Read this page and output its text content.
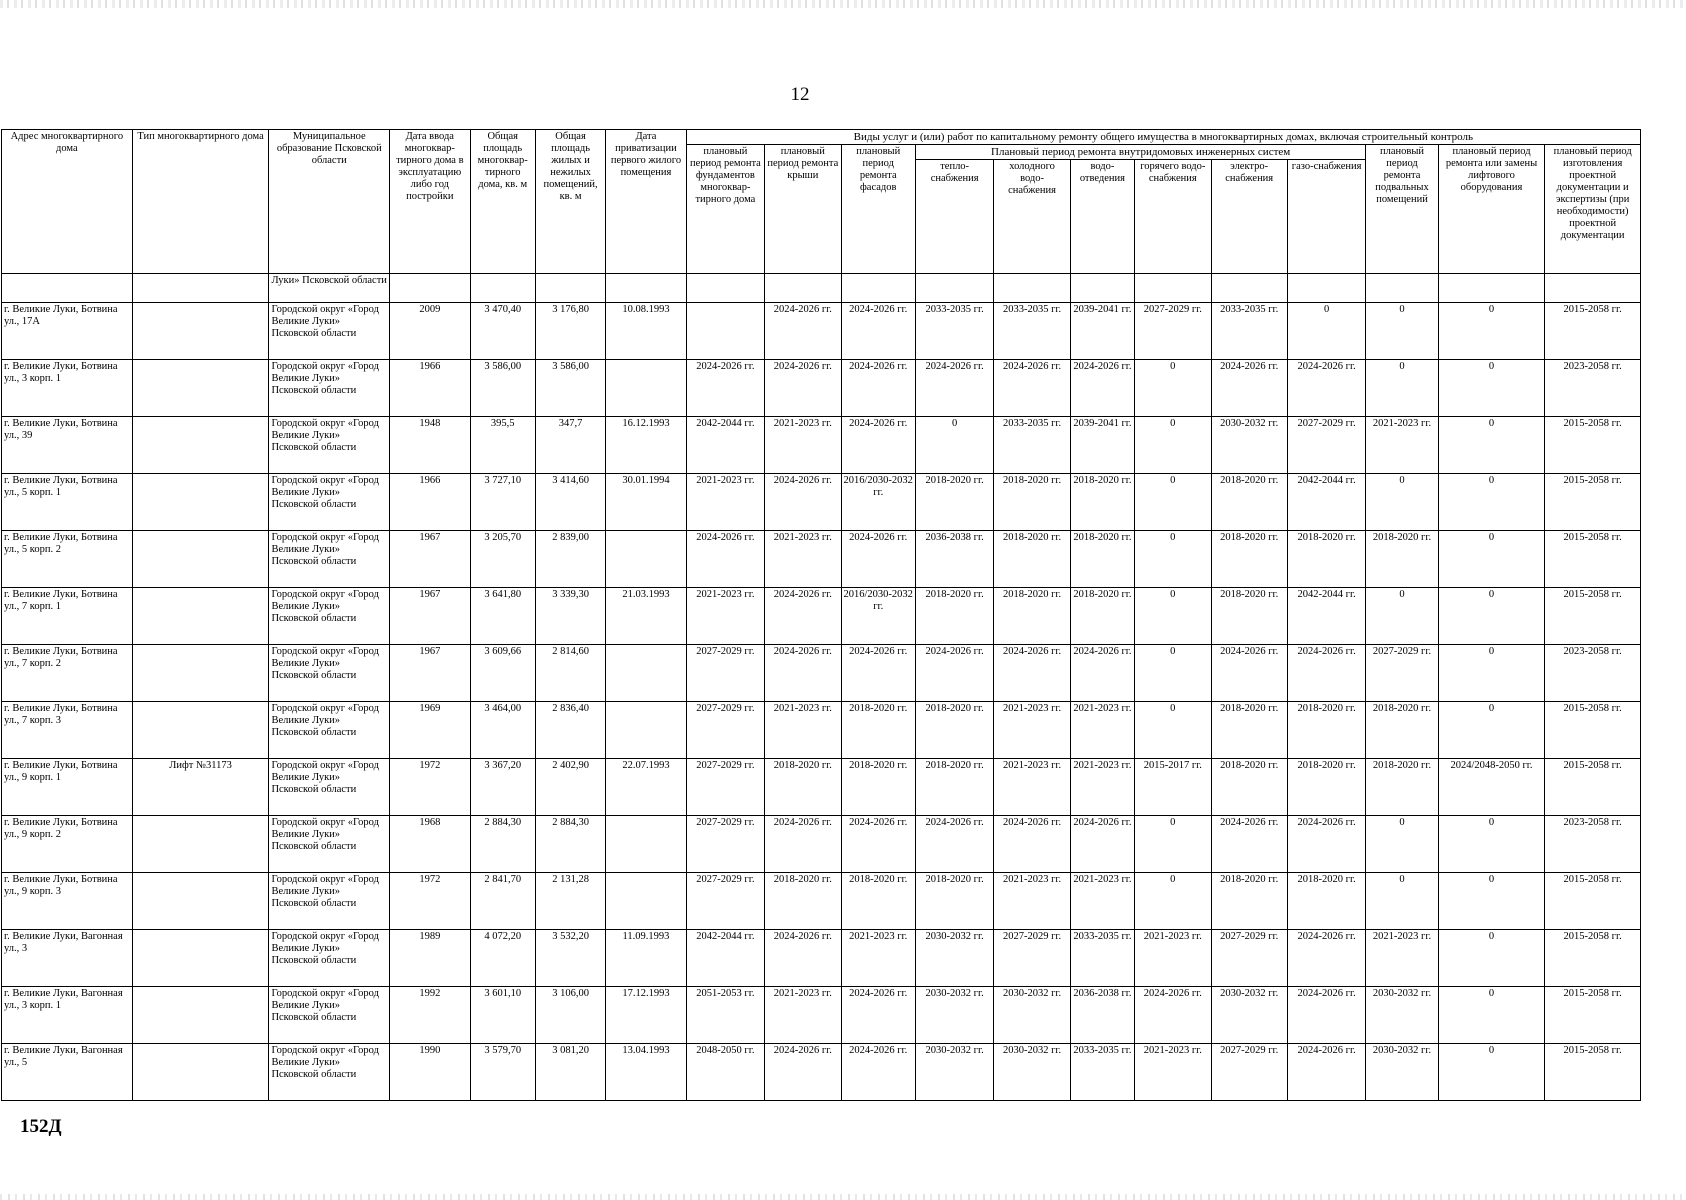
12
Адрес многоквартирного дома	Тип многоквартирного дома	Муниципальное образование Псковской области	Дата ввода многоквар-тирного дома в эксплуатацию либо год постройки	Общая площадь многоквар-тирного дома, кв. м	Общая площадь жилых и нежилых помещений, кв. м	Дата приватизации первого жилого помещения	Виды услуг и (или) работ по капитальному ремонту общего имущества в многоквартирных домах, включая строительный контроль											
							плановый период ремонта фундаментов многоквар-тирного дома	плановый период ремонта крыши	плановый период ремонта фасадов	Плановый период ремонта внутридомовых инженерных систем						плановый период ремонта подвальных помещений	плановый период ремонта или замены лифтового оборудования	плановый период изготовления проектной документации и экспертизы (при необходимости) проектной документации
										тепло-снабжения	холодного водо-снабжения	водо-отведения	горячего водо-снабжения	электро-снабжения	газо-снабжения			
		Луки» Псковской области																
г. Великие Луки, Ботвина ул., 17А		Городской округ «Город Великие Луки» Псковской области	2009	3 470,40	3 176,80	10.08.1993		2024-2026 гг.	2024-2026 гг.	2033-2035 гг.	2033-2035 гг.	2039-2041 гг.	2027-2029 гг.	2033-2035 гг.	0	0	0	2015-2058 гг.
г. Великие Луки, Ботвина ул., 3 корп. 1		Городской округ «Город Великие Луки» Псковской области	1966	3 586,00	3 586,00		2024-2026 гг.	2024-2026 гг.	2024-2026 гг.	2024-2026 гг.	2024-2026 гг.	2024-2026 гг.	0	2024-2026 гг.	2024-2026 гг.	0	0	2023-2058 гг.
г. Великие Луки, Ботвина ул., 39		Городской округ «Город Великие Луки» Псковской области	1948	395,5	347,7	16.12.1993	2042-2044 гг.	2021-2023 гг.	2024-2026 гг.	0	2033-2035 гг.	2039-2041 гг.	0	2030-2032 гг.	2027-2029 гг.	2021-2023 гг.	0	2015-2058 гг.
г. Великие Луки, Ботвина ул., 5 корп. 1		Городской округ «Город Великие Луки» Псковской области	1966	3 727,10	3 414,60	30.01.1994	2021-2023 гг.	2024-2026 гг.	2016/2030-2032 гг.	2018-2020 гг.	2018-2020 гг.	2018-2020 гг.	0	2018-2020 гг.	2042-2044 гг.	0	0	2015-2058 гг.
г. Великие Луки, Ботвина ул., 5 корп. 2		Городской округ «Город Великие Луки» Псковской области	1967	3 205,70	2 839,00		2024-2026 гг.	2021-2023 гг.	2024-2026 гг.	2036-2038 гг.	2018-2020 гг.	2018-2020 гг.	0	2018-2020 гг.	2018-2020 гг.	2018-2020 гг.	0	2015-2058 гг.
г. Великие Луки, Ботвина ул., 7 корп. 1		Городской округ «Город Великие Луки» Псковской области	1967	3 641,80	3 339,30	21.03.1993	2021-2023 гг.	2024-2026 гг.	2016/2030-2032 гг.	2018-2020 гг.	2018-2020 гг.	2018-2020 гг.	0	2018-2020 гг.	2042-2044 гг.	0	0	2015-2058 гг.
г. Великие Луки, Ботвина ул., 7 корп. 2		Городской округ «Город Великие Луки» Псковской области	1967	3 609,66	2 814,60		2027-2029 гг.	2024-2026 гг.	2024-2026 гг.	2024-2026 гг.	2024-2026 гг.	2024-2026 гг.	0	2024-2026 гг.	2024-2026 гг.	2027-2029 гг.	0	2023-2058 гг.
г. Великие Луки, Ботвина ул., 7 корп. 3		Городской округ «Город Великие Луки» Псковской области	1969	3 464,00	2 836,40		2027-2029 гг.	2021-2023 гг.	2018-2020 гг.	2018-2020 гг.	2021-2023 гг.	2021-2023 гг.	0	2018-2020 гг.	2018-2020 гг.	2018-2020 гг.	0	2015-2058 гг.
г. Великие Луки, Ботвина ул., 9 корп. 1	Лифт №31173	Городской округ «Город Великие Луки» Псковской области	1972	3 367,20	2 402,90	22.07.1993	2027-2029 гг.	2018-2020 гг.	2018-2020 гг.	2018-2020 гг.	2021-2023 гг.	2021-2023 гг.	2015-2017 гг.	2018-2020 гг.	2018-2020 гг.	2018-2020 гг.	2024/2048-2050 гг.	2015-2058 гг.
г. Великие Луки, Ботвина ул., 9 корп. 2		Городской округ «Город Великие Луки» Псковской области	1968	2 884,30	2 884,30		2027-2029 гг.	2024-2026 гг.	2024-2026 гг.	2024-2026 гг.	2024-2026 гг.	2024-2026 гг.	0	2024-2026 гг.	2024-2026 гг.	0	0	2023-2058 гг.
г. Великие Луки, Ботвина ул., 9 корп. 3		Городской округ «Город Великие Луки» Псковской области	1972	2 841,70	2 131,28		2027-2029 гг.	2018-2020 гг.	2018-2020 гг.	2018-2020 гг.	2021-2023 гг.	2021-2023 гг.	0	2018-2020 гг.	2018-2020 гг.	0	0	2015-2058 гг.
г. Великие Луки, Вагонная ул., 3		Городской округ «Город Великие Луки» Псковской области	1989	4 072,20	3 532,20	11.09.1993	2042-2044 гг.	2024-2026 гг.	2021-2023 гг.	2030-2032 гг.	2027-2029 гг.	2033-2035 гг.	2021-2023 гг.	2027-2029 гг.	2024-2026 гг.	2021-2023 гг.	0	2015-2058 гг.
г. Великие Луки, Вагонная ул., 3 корп. 1		Городской округ «Город Великие Луки» Псковской области	1992	3 601,10	3 106,00	17.12.1993	2051-2053 гг.	2021-2023 гг.	2024-2026 гг.	2030-2032 гг.	2030-2032 гг.	2036-2038 гг.	2024-2026 гг.	2030-2032 гг.	2024-2026 гг.	2030-2032 гг.	0	2015-2058 гг.
г. Великие Луки, Вагонная ул., 5		Городской округ «Город Великие Луки» Псковской области	1990	3 579,70	3 081,20	13.04.1993	2048-2050 гг.	2024-2026 гг.	2024-2026 гг.	2030-2032 гг.	2030-2032 гг.	2033-2035 гг.	2021-2023 гг.	2027-2029 гг.	2024-2026 гг.	2030-2032 гг.	0	2015-2058 гг.
152Д
